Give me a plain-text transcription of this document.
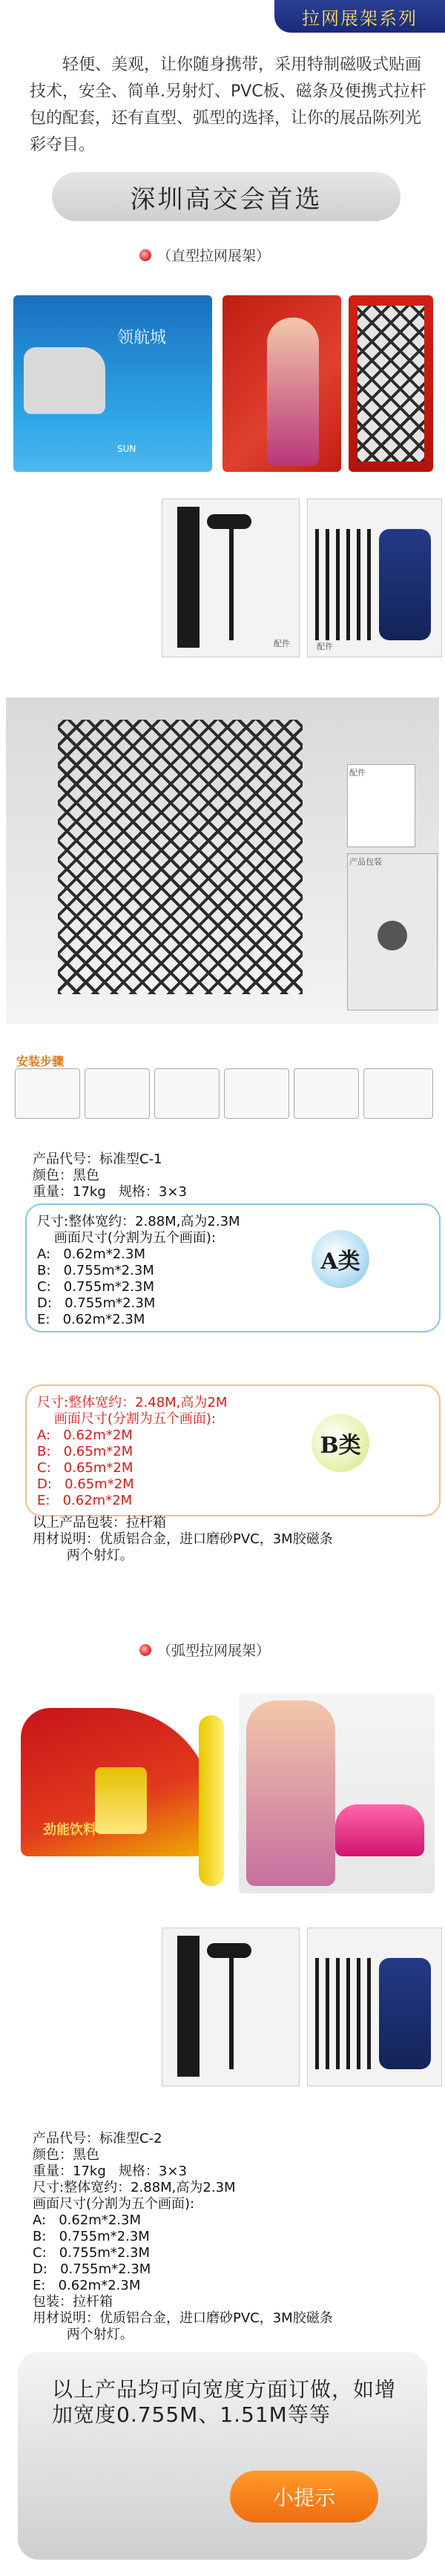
拉网展架系列
轻便、美观，让你随身携带，采用特制磁吸式贴画技术，安全、简单.另射灯、PVC板、磁条及便携式拉杆包的配套，还有直型、弧型的选择，让你的展品陈列光彩夺目。
深圳高交会首选
（直型拉网展架）
领航城
SUN
配件	配件
配件
产品包装
安装步骤
产品代号：标准型C-1
颜色：黑色
重量：17kg   规格：3×3
尺寸:整体宽约：2.88M,高为2.3M
画面尺寸(分割为五个画面):
A:   0.62m*2.3M
B:   0.755m*2.3M
C:   0.755m*2.3M
D:   0.755m*2.3M
E:   0.62m*2.3M
A类
尺寸:整体宽约：2.48M,高为2M
画面尺寸(分割为五个画面):
A:   0.62m*2M
B:   0.65m*2M
C:   0.65m*2M
D:   0.65m*2M
E:   0.62m*2M
B类
以上产品包装：拉杆箱
用材说明：优质铝合金，进口磨砂PVC，3M胶磁条
两个射灯。
（弧型拉网展架）
劲能饮料
产品代号：标准型C-2
颜色：黑色
重量：17kg   规格：3×3
尺寸:整体宽约：2.88M,高为2.3M
画面尺寸(分割为五个画面):
A:   0.62m*2.3M
B:   0.755m*2.3M
C:   0.755m*2.3M
D:   0.755m*2.3M
E:   0.62m*2.3M
包装：拉杆箱
用材说明：优质铝合金，进口磨砂PVC，3M胶磁条
两个射灯。
以上产品均可向宽度方面订做，如增加宽度0.755M、1.51M等等
小提示
